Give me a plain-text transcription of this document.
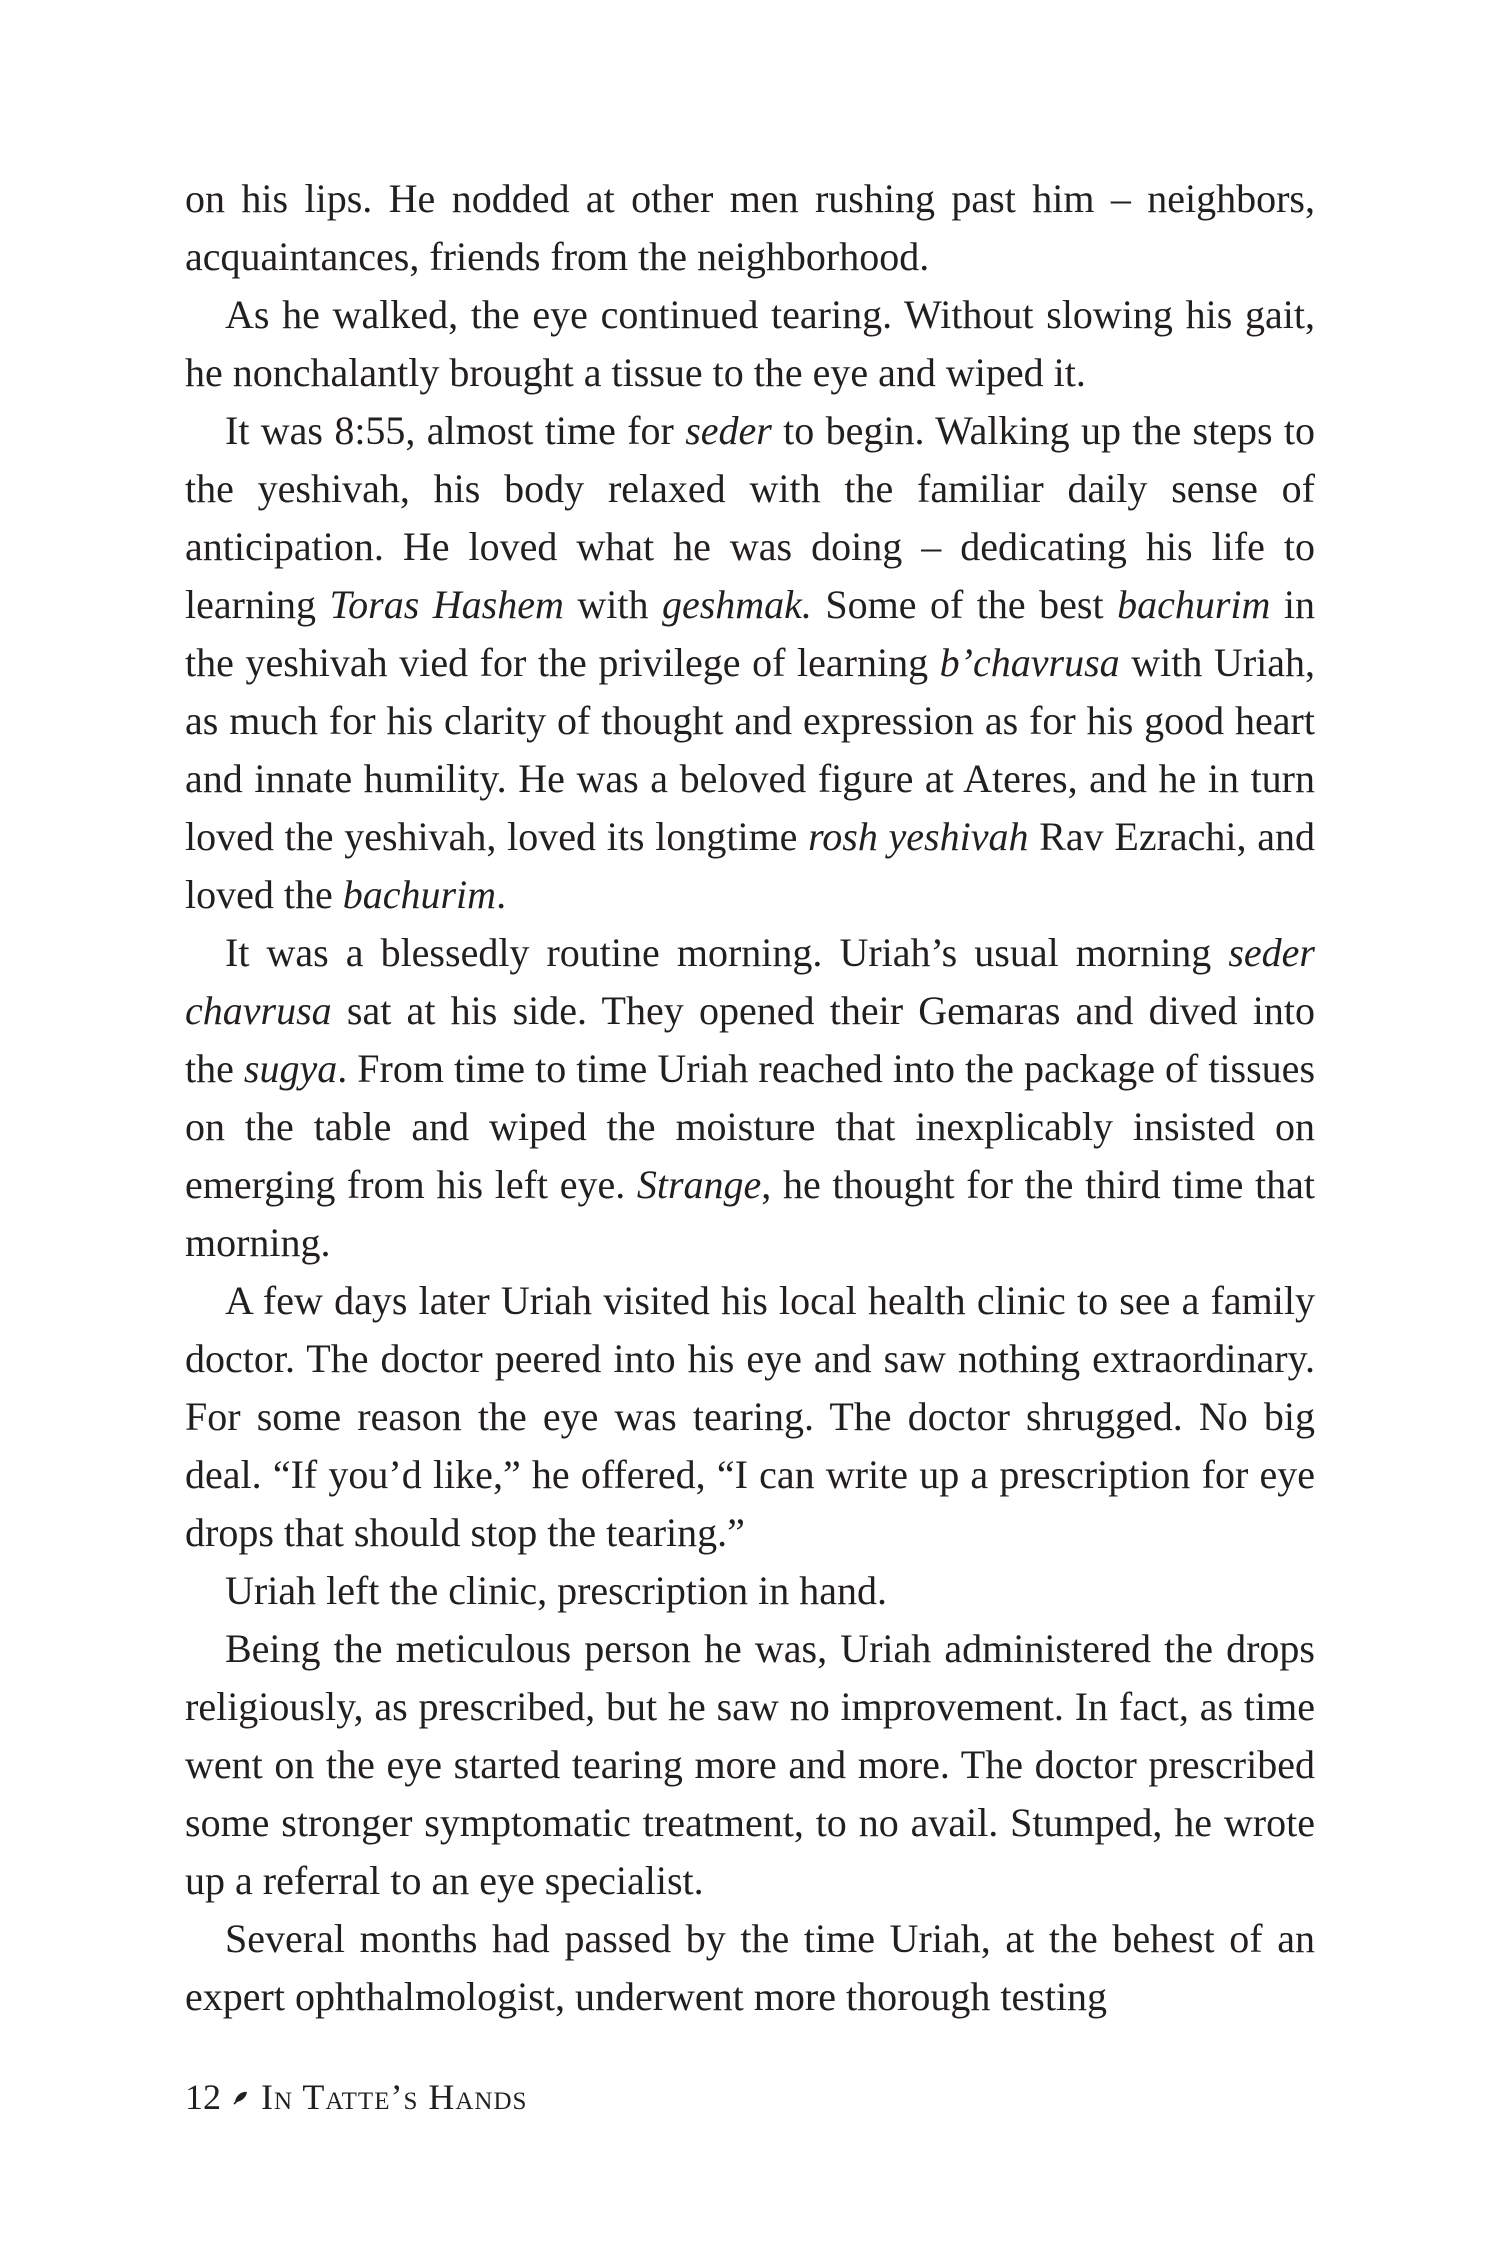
on his lips. He nodded at other men rushing past him – neighbors, acquaintances, friends from the neighborhood.

As he walked, the eye continued tearing. Without slowing his gait, he nonchalantly brought a tissue to the eye and wiped it.

It was 8:55, almost time for seder to begin. Walking up the steps to the yeshivah, his body relaxed with the familiar daily sense of anticipation. He loved what he was doing – dedicating his life to learning Toras Hashem with geshmak. Some of the best bachurim in the yeshivah vied for the privilege of learning b’chavrusa with Uriah, as much for his clarity of thought and expression as for his good heart and innate humility. He was a beloved figure at Ateres, and he in turn loved the yeshivah, loved its longtime rosh yeshivah Rav Ezrachi, and loved the bachurim.

It was a blessedly routine morning. Uriah’s usual morning seder chavrusa sat at his side. They opened their Gemaras and dived into the sugya. From time to time Uriah reached into the package of tissues on the table and wiped the moisture that inexplicably insisted on emerging from his left eye. Strange, he thought for the third time that morning.

A few days later Uriah visited his local health clinic to see a family doctor. The doctor peered into his eye and saw nothing extraordinary. For some reason the eye was tearing. The doctor shrugged. No big deal. “If you’d like,” he offered, “I can write up a prescription for eye drops that should stop the tearing.”

Uriah left the clinic, prescription in hand.

Being the meticulous person he was, Uriah administered the drops religiously, as prescribed, but he saw no improvement. In fact, as time went on the eye started tearing more and more. The doctor prescribed some stronger symptomatic treatment, to no avail. Stumped, he wrote up a referral to an eye specialist.

Several months had passed by the time Uriah, at the behest of an expert ophthalmologist, underwent more thorough testing

12 In Tatte’s Hands
